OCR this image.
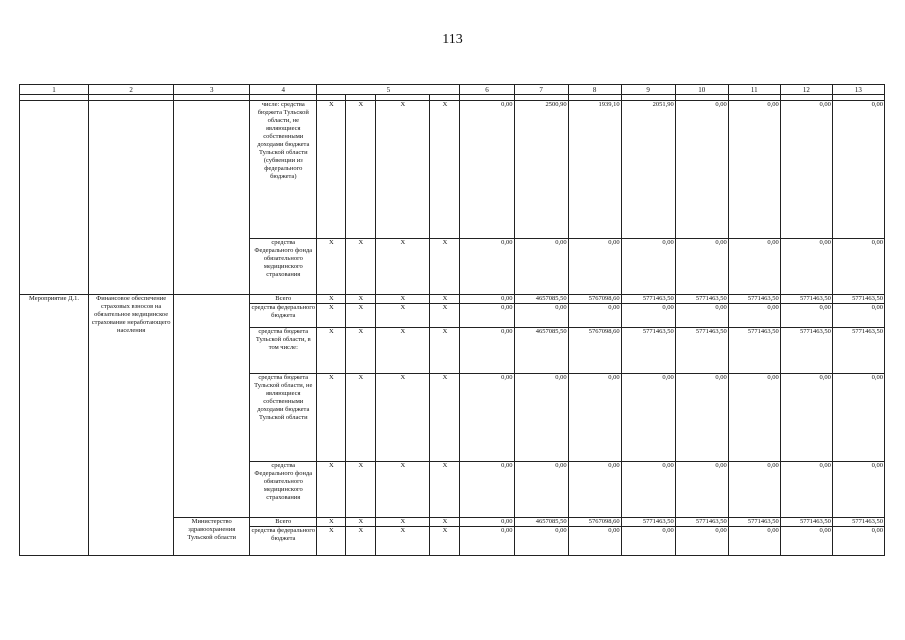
113
1	2	3	4	5				6	7	8	9	10	11	12	13

			числе: средства бюджета Тульской области, не являющиеся собственными доходами бюджета Тульской области (субвенции из федерального бюджета)	X	X	X	X	0,00	2500,90	1939,10	2051,90	0,00	0,00	0,00	0,00
			средства Федерального фонда обязательного медицинского страхования	X	X	X	X	0,00	0,00	0,00	0,00	0,00	0,00	0,00	0,00
Мероприятие Д.1.	Финансовое обеспечение страховых взносов на обязательное медицинское страхование неработающего населения		Всего	X	X	X	X	0,00	4657085,50	5767098,60	5771463,50	5771463,50	5771463,50	5771463,50	5771463,50
			средства федерального бюджета	X	X	X	X	0,00	0,00	0,00	0,00	0,00	0,00	0,00	0,00
			средства бюджета Тульской области, в том числе:	X	X	X	X	0,00	4657085,50	5767098,60	5771463,50	5771463,50	5771463,50	5771463,50	5771463,50
			средства бюджета Тульской области, не являющиеся собственными доходами бюджета Тульской области	X	X	X	X	0,00	0,00	0,00	0,00	0,00	0,00	0,00	0,00
			средства Федерального фонда обязательного медицинского страхования	X	X	X	X	0,00	0,00	0,00	0,00	0,00	0,00	0,00	0,00
		Министерство здравоохранения Тульской области	Всего	X	X	X	X	0,00	4657085,50	5767098,60	5771463,50	5771463,50	5771463,50	5771463,50	5771463,50
			средства федерального бюджета	X	X	X	X	0,00	0,00	0,00	0,00	0,00	0,00	0,00	0,00
